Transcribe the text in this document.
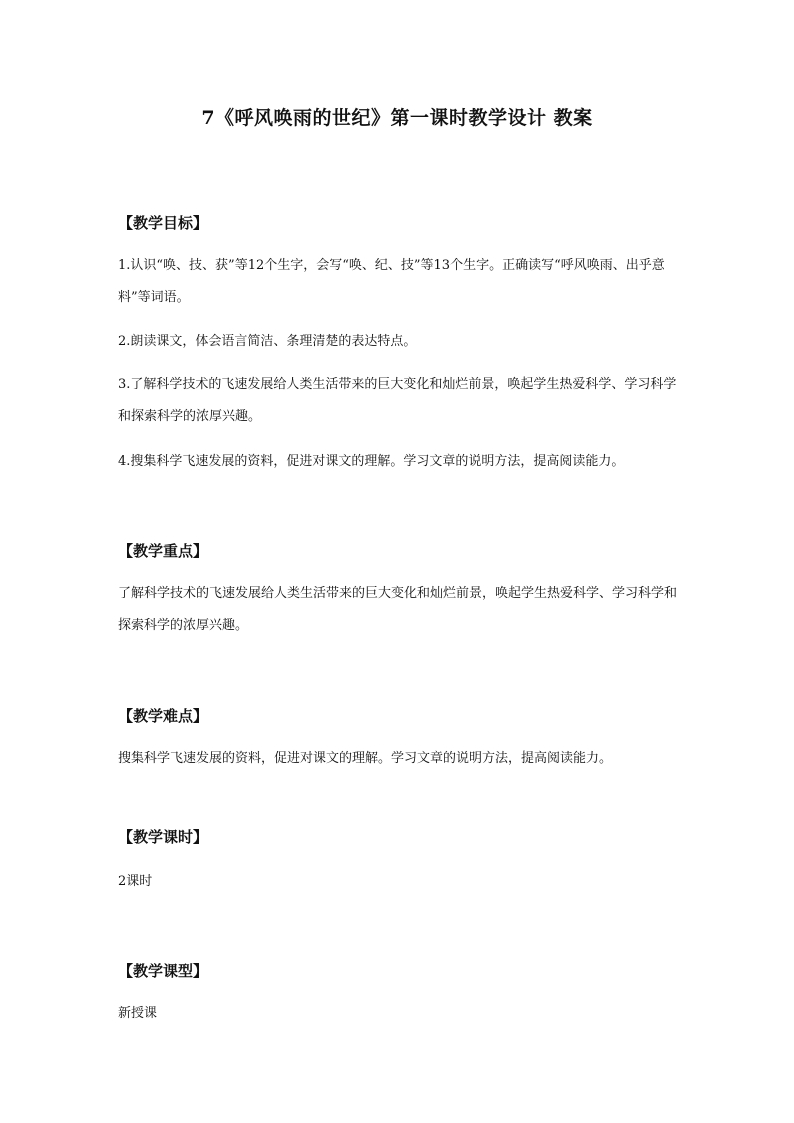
7《呼风唤雨的世纪》第一课时教学设计 教案
【教学目标】

1.认识“唤、技、获”等12个生字，会写“唤、纪、技”等13个生字。正确读写“呼风唤雨、出乎意料”等词语。

2.朗读课文，体会语言简洁、条理清楚的表达特点。

3.了解科学技术的飞速发展给人类生活带来的巨大变化和灿烂前景，唤起学生热爱科学、学习科学和探索科学的浓厚兴趣。

4.搜集科学飞速发展的资料，促进对课文的理解。学习文章的说明方法，提高阅读能力。

【教学重点】

了解科学技术的飞速发展给人类生活带来的巨大变化和灿烂前景，唤起学生热爱科学、学习科学和探索科学的浓厚兴趣。

【教学难点】

搜集科学飞速发展的资料，促进对课文的理解。学习文章的说明方法，提高阅读能力。

【教学课时】

2课时

【教学课型】

新授课
